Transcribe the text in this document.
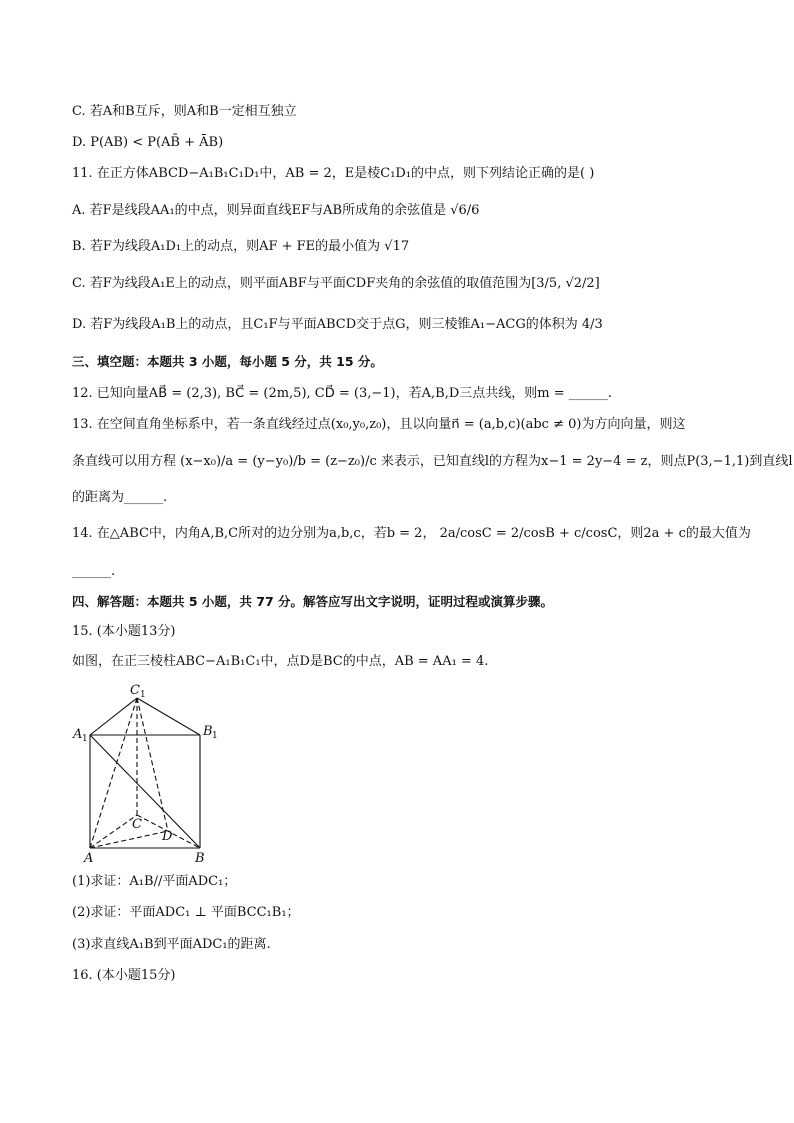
C. 若A和B互斥，则A和B一定相互独立
D. P(AB) < P(AB̄ + ĀB)
11. 在正方体ABCD−A₁B₁C₁D₁中，AB = 2，E是棱C₁D₁的中点，则下列结论正确的是( )
A. 若F是线段AA₁的中点，则异面直线EF与AB所成角的余弦值是 √6/6
B. 若F为线段A₁D₁上的动点，则AF + FE的最小值为 √17
C. 若F为线段A₁E上的动点，则平面ABF与平面CDF夹角的余弦值的取值范围为[3/5, √2/2]
D. 若F为线段A₁B上的动点，且C₁F与平面ABCD交于点G，则三棱锥A₁−ACG的体积为 4/3
三、填空题：本题共 3 小题，每小题 5 分，共 15 分。
12. 已知向量AB⃗ = (2,3), BC⃗ = (2m,5), CD⃗ = (3,−1)，若A,B,D三点共线，则m = ______.
13. 在空间直角坐标系中，若一条直线经过点(x₀,y₀,z₀)，且以向量n⃗ = (a,b,c)(abc ≠ 0)为方向向量，则这
条直线可以用方程 (x−x₀)/a = (y−y₀)/b = (z−z₀)/c 来表示，已知直线l的方程为x−1 = 2y−4 = z，则点P(3,−1,1)到直线l
的距离为______.
14. 在△ABC中，内角A,B,C所对的边分别为a,b,c，若b = 2， 2a/cosC = 2/cosB + c/cosC，则2a + c的最大值为
______.
四、解答题：本题共 5 小题，共 77 分。解答应写出文字说明，证明过程或演算步骤。
15. (本小题13分)
如图，在正三棱柱ABC−A₁B₁C₁中，点D是BC的中点，AB = AA₁ = 4.
C 1
A 1	B 1
C
D
A	B
(1)求证：A₁B//平面ADC₁；
(2)求证：平面ADC₁ ⊥ 平面BCC₁B₁；
(3)求直线A₁B到平面ADC₁的距离.
16. (本小题15分)
